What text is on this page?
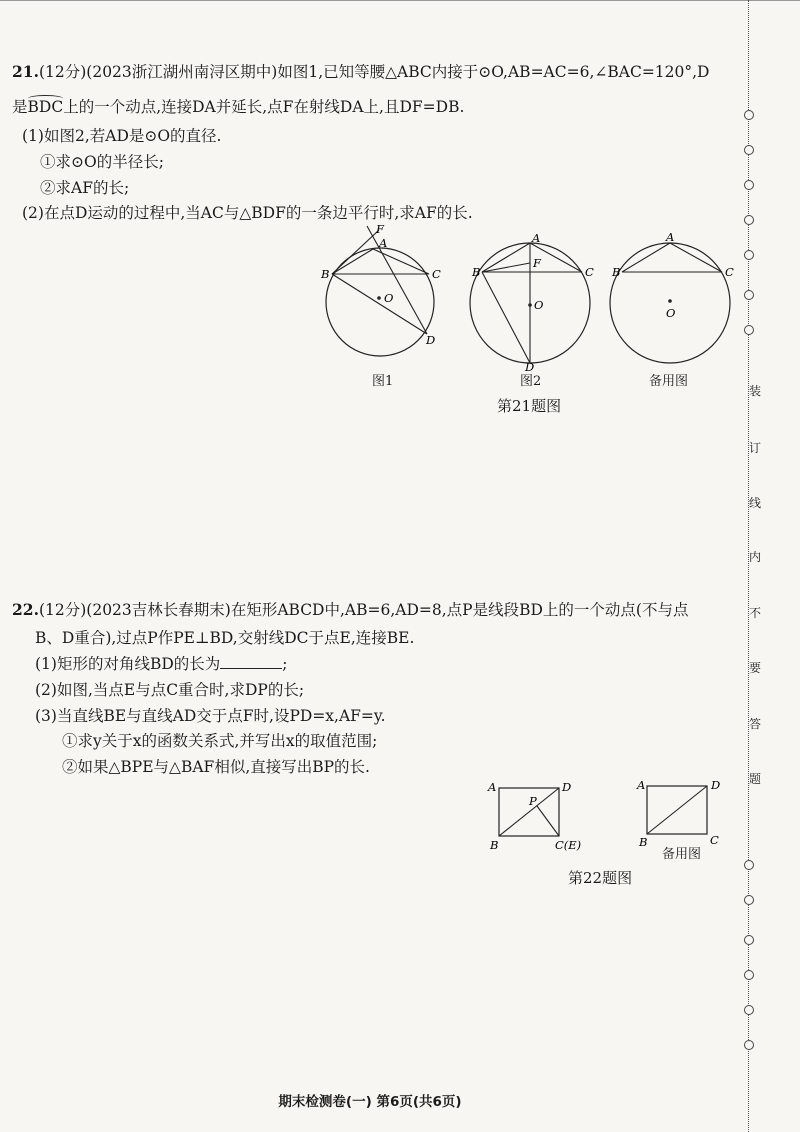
21.(12分)(2023浙江湖州南浔区期中)如图1,已知等腰△ABC内接于⊙O,AB=AC=6,∠BAC=120°,D
是BDC上的一个动点,连接DA并延长,点F在射线DA上,且DF=DB.
(1)如图2,若AD是⊙O的直径.
①求⊙O的半径长;
②求AF的长;
(2)在点D运动的过程中,当AC与△BDF的一条边平行时,求AF的长.
F
A
B	C
O
D
A
F
B	C
O
D
A
B	C
O
图1	图2	备用图
第21题图
22.(12分)(2023吉林长春期末)在矩形ABCD中,AB=6,AD=8,点P是线段BD上的一个动点(不与点
B、D重合),过点P作PE⊥BD,交射线DC于点E,连接BE.
(1)矩形的对角线BD的长为	;
(2)如图,当点E与点C重合时,求DP的长;
(3)当直线BE与直线AD交于点F时,设PD=x,AF=y.
①求y关于x的函数关系式,并写出x的取值范围;
②如果△BPE与△BAF相似,直接写出BP的长.
A	D
P
B	C(E)
A	D
B	C
备用图
第22题图
装
订
线
内
不
要
答
题
期末检测卷(一) 第6页(共6页)
